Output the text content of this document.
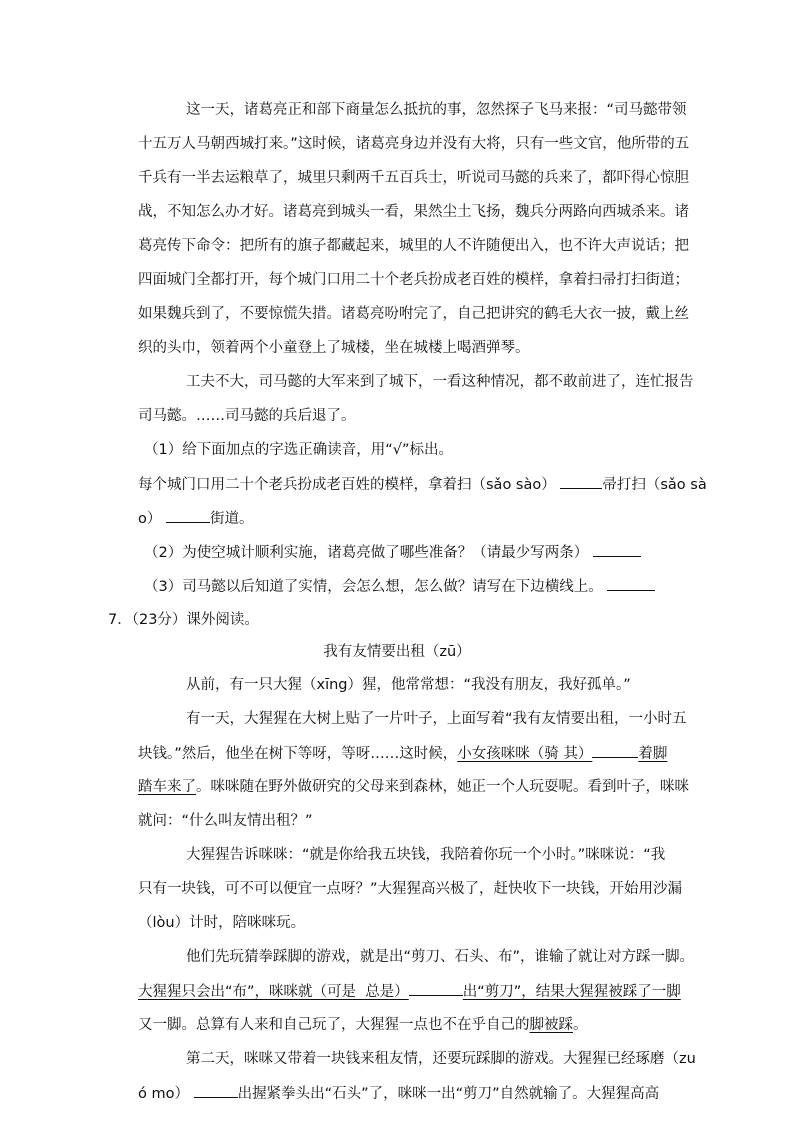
这一天，诸葛亮正和部下商量怎么抵抗的事，忽然探子飞马来报：“司马懿带领
十五万人马朝西城打来。”这时候，诸葛亮身边并没有大将，只有一些文官，他所带的五
千兵有一半去运粮草了，城里只剩两千五百兵士，听说司马懿的兵来了，都吓得心惊胆
战，不知怎么办才好。诸葛亮到城头一看，果然尘土飞扬，魏兵分两路向西城杀来。诸
葛亮传下命令：把所有的旗子都藏起来，城里的人不许随便出入，也不许大声说话；把
四面城门全都打开，每个城门口用二十个老兵扮成老百姓的模样，拿着扫帚打扫街道；
如果魏兵到了，不要惊慌失措。诸葛亮吩咐完了，自己把讲究的鹤毛大衣一披，戴上丝
织的头巾，领着两个小童登上了城楼，坐在城楼上喝酒弹琴。
工夫不大，司马懿的大军来到了城下，一看这种情况，都不敢前进了，连忙报告
司马懿。……司马懿的兵后退了。
（1）给下面加点的字选正确读音，用“√”标出。
每个城门口用二十个老兵扮成老百姓的模样，拿着扫（sǎo sào）	帚打扫（sǎo sà
o）	街道。
（2）为使空城计顺利实施，诸葛亮做了哪些准备？（请最少写两条）
（3）司马懿以后知道了实情，会怎么想，怎么做？请写在下边横线上。
7．（23分）课外阅读。
我有友情要出租（zū）
从前，有一只大猩（xīng）猩，他常常想：“我没有朋友，我好孤单。”
有一天，大猩猩在大树上贴了一片叶子，上面写着“我有友情要出租，一小时五
块钱。”然后，他坐在树下等呀，等呀……这时候，小女孩咪咪（骑 其）	着脚
踏车来了。咪咪随在野外做研究的父母来到森林，她正一个人玩耍呢。看到叶子，咪咪
就问：“什么叫友情出租？”
大猩猩告诉咪咪：“就是你给我五块钱，我陪着你玩一个小时。”咪咪说：“我
只有一块钱，可不可以便宜一点呀？”大猩猩高兴极了，赶快收下一块钱，开始用沙漏
（lòu）计时，陪咪咪玩。
他们先玩猜拳踩脚的游戏，就是出“剪刀、石头、布”，谁输了就让对方踩一脚。
大猩猩只会出“布”，咪咪就（可是  总是）	出“剪刀”，结果大猩猩被踩了一脚
又一脚。总算有人来和自己玩了，大猩猩一点也不在乎自己的脚被踩。
第二天，咪咪又带着一块钱来租友情，还要玩踩脚的游戏。大猩猩已经琢磨（zu
ó mo）	出握紧拳头出“石头”了，咪咪一出“剪刀”自然就输了。大猩猩高高
